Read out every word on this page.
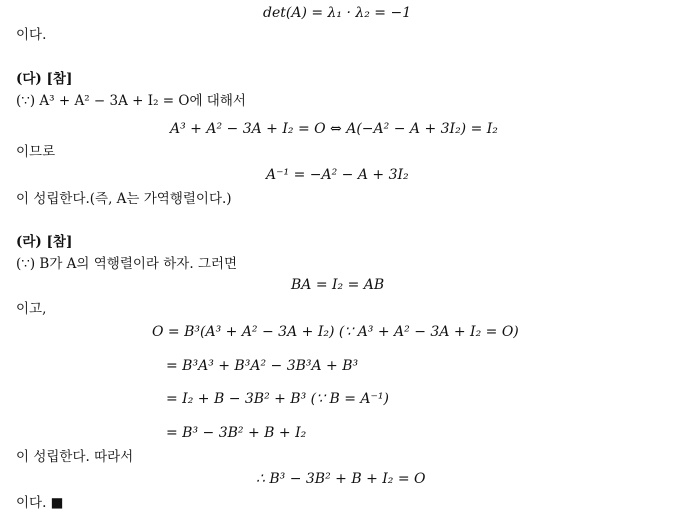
det(A) = λ₁ · λ₂ = −1
이다.
(다) [참]
(∵) A³ + A² − 3A + I₂ = O에 대해서
A³ + A² − 3A + I₂ = O ⇔ A(−A² − A + 3I₂) = I₂
이므로
A⁻¹ = −A² − A + 3I₂
이 성립한다.(즉, A는 가역행렬이다.)
(라) [참]
(∵) B가 A의 역행렬이라 하자. 그러면
BA = I₂ = AB
이고,
O = B³(A³ + A² − 3A + I₂) (∵ A³ + A² − 3A + I₂ = O)
= B³A³ + B³A² − 3B³A + B³
= I₂ + B − 3B² + B³ (∵ B = A⁻¹)
= B³ − 3B² + B + I₂
이 성립한다. 따라서
∴ B³ − 3B² + B + I₂ = O
이다. ■
